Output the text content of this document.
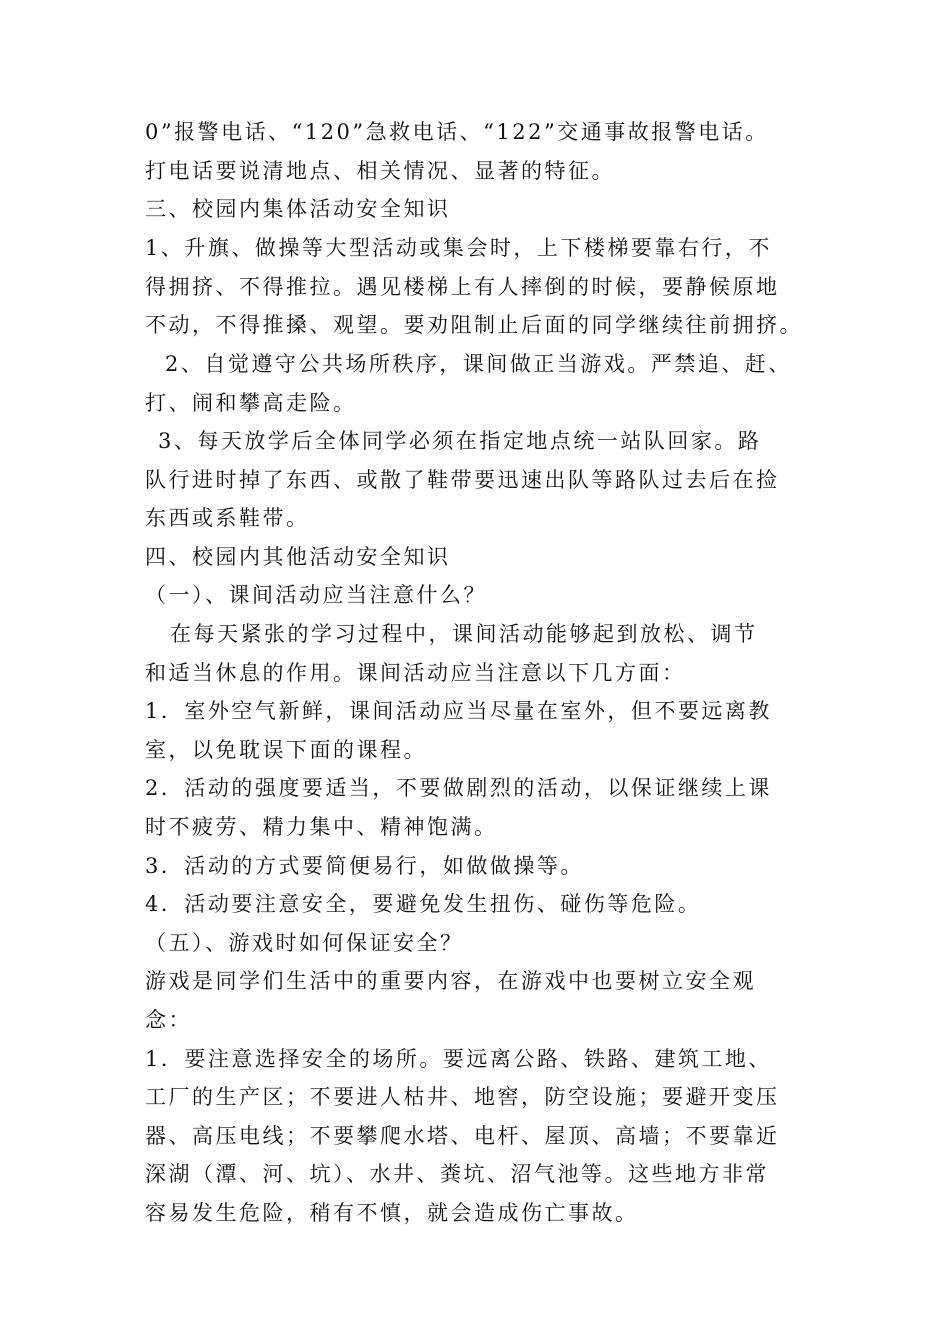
0”报警电话、“120”急救电话、“122”交通事故报警电话。
打电话要说清地点、相关情况、显著的特征。
三、校园内集体活动安全知识
1、升旗、做操等大型活动或集会时，上下楼梯要靠右行，不
得拥挤、不得推拉。遇见楼梯上有人摔倒的时候，要静候原地
不动，不得推搡、观望。要劝阻制止后面的同学继续往前拥挤。
2、自觉遵守公共场所秩序，课间做正当游戏。严禁追、赶、
打、闹和攀高走险。
3、每天放学后全体同学必须在指定地点统一站队回家。路
队行进时掉了东西、或散了鞋带要迅速出队等路队过去后在捡
东西或系鞋带。
四、校园内其他活动安全知识
（一）、课间活动应当注意什么？
在每天紧张的学习过程中，课间活动能够起到放松、调节
和适当休息的作用。课间活动应当注意以下几方面：
1．室外空气新鲜，课间活动应当尽量在室外，但不要远离教
室，以免耽误下面的课程。
2．活动的强度要适当，不要做剧烈的活动，以保证继续上课
时不疲劳、精力集中、精神饱满。
3．活动的方式要简便易行，如做做操等。
4．活动要注意安全，要避免发生扭伤、碰伤等危险。
（五）、游戏时如何保证安全？
游戏是同学们生活中的重要内容，在游戏中也要树立安全观
念：
1．要注意选择安全的场所。要远离公路、铁路、建筑工地、
工厂的生产区；不要进人枯井、地窖，防空设施；要避开变压
器、高压电线；不要攀爬水塔、电杆、屋顶、高墙；不要靠近
深湖（潭、河、坑）、水井、粪坑、沼气池等。这些地方非常
容易发生危险，稍有不慎，就会造成伤亡事故。
